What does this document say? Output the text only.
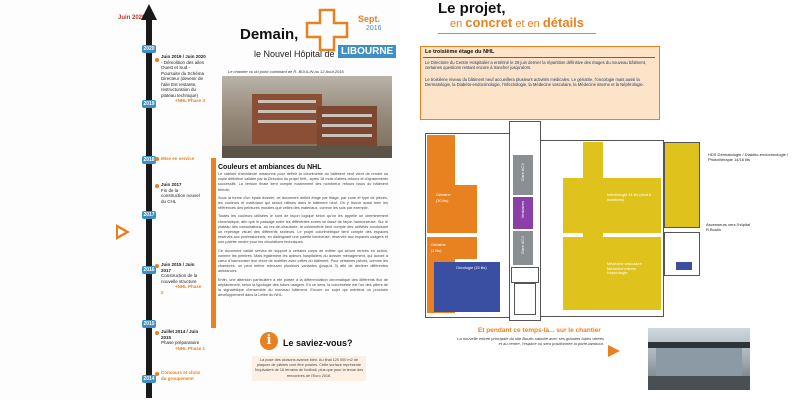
Juin 2020
2020
2019
2018
2017
2016
2015
2014
Juin 2019 / Juin 2020
- Démolition des ailes Ouest et Sud - Poursuite du Schéma Directeur (devenir de l'aile Est restante, restructuration du plateau technique)
+NHL Phase 3
Mise en service
Juin 2017
Fin de la construction nouvel du CHL
Juin 2015 / Juin 2017
Construction de la nouvelle structure
+NHL Phase 2
Juillet 2014 / Juin 2015
Phase préparatoire
+NHL Phase 1
Concours et choix du groupement
Demain,
le Nouvel Hôpital de LIBOURNE
Sept.
2016
Le chantier vu du point culminant de R. BOULIN au 12 Août 2016
Couleurs et ambiances du NHL

Le cabinet d'architecte missionné pour définir la colorimétrie du bâtiment neuf vient de rendre sa copie définitive validée par la Direction du projet NHL, après 18 mois d'allers-retours et d'ajustements successifs. La version finale tient compte notamment des nombreux retours issus du bâtiment témoin.

Sous la forme d'un épais dossier, ce document définit étage par étage, par zone et type de pièces, les couleurs et matériaux qui seront utilisés dans le bâtiment neuf. On y trouve aussi bien les références des peintures murales que celles des matériaux, comme les sols par exemple.

Toutes les couleurs utilisées le sont de façon logique selon qu'on les appelle un cheminement chromatique, afin que le passage entre les différentes zones se fasse de façon harmonieuse. Sur le plateau des consultations, au rez-de-chaussée, la colorimétrie tient compte des activités conduisant un repérage visuel des différents secteurs. Le projet colorimétrique tient compte des espaces réservés aux professionnels, en distinguant une palette lumineuse, réservée aux espaces usagers et une palette neutre pour les circulations techniques.

Ce document validé servira de support à certains corps de métier qui seront rentrés en action, comme les peintres. Mais également les acteurs hospitaliers du dossier ménagement, qui auront à cœur d'harmoniser leur choix de mobilier avec celles du bâtiment. Pour certaines pièces, comme les chambres, on peut même retrouver plusieurs variantes (jusqu'à 3) afin de décliner différentes ambiances.

Enfin, une attention particulière a été portée à la différenciation chromatique des différents flux de déplacement, selon la typologie des futurs usagers. En ce sens, la colorimétrie est l'un des piliers de la signalétique d'ensemble du nouveau bâtiment. Encore un sujet qui méritera un prochain développement dans la Lettre du NHL.

i	Le saviez-vous?
La pose des cloisons avance bien. Au final 120 000 m2 de plaques de plâtres vont être posées. Cette surface représente l'équivalent de 16 terrains de football, plus que pour la tenue des rencontres de l'Euro 2016.
Le projet,
en concret et en détails
Le troisième étage du NHL
Le Directoire du Centre Hospitalier a entériné le 28 juin dernier la répartition définitive des étages du nouveau bâtiment, certaines questions restant encore à trancher jusqu'alors.
Le troisième niveau du bâtiment neuf accueillera plusieurs activités médicales. Le gériatrie, l'oncologie mais aussi la Dermatologie, la Diabéto-endocrinologie, l'Infectiologie, la Médecine vasculaire, la Médecine interne et la Néphrologie.
Gériatrie
(30 lits)
Gériatrie
(1 lits)
Oncologie (15 lits)
Gare ACV
Vestiaires
Gare ACV
Infectiologie 14 lits (dont 6 isolations)
Médecine vasculaire Médecine interne Néphrologie
HDS Dermatologie / Diabéto-endocrinologie / Photothérapie 14/16 lits
Ascenseurs vers l'hôpital R.Boulin
Et pendant ce temps-là... sur le chantier
La nouvelle entrée principale du site Boulin-sabotté avec ses grandes baies vitrées et au centre, l'espace où sera positionnée la porte-tambour.
